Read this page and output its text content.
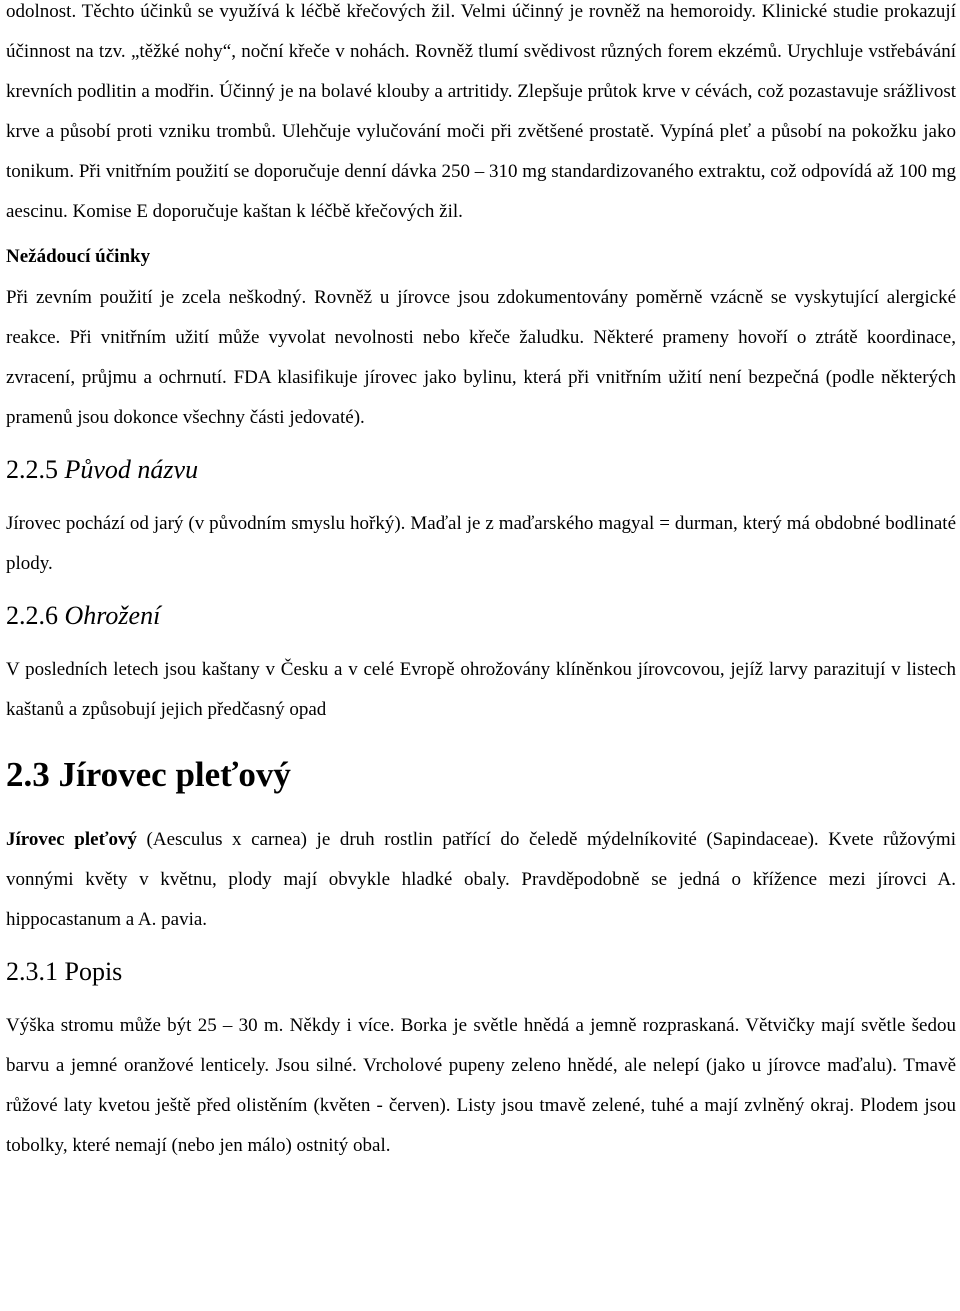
odolnost. Těchto účinků se využívá k léčbě křečových žil. Velmi účinný je rovněž na hemoroidy. Klinické studie prokazují účinnost na tzv. „těžké nohy“, noční křeče v nohách. Rovněž tlumí svědivost různých forem ekzémů. Urychluje vstřebávání krevních podlitin a modřin. Účinný je na bolavé klouby a artritidy. Zlepšuje průtok krve v cévách, což pozastavuje srážlivost krve a působí proti vzniku trombů. Ulehčuje vylučování moči při zvětšené prostatě. Vypíná pleť a působí na pokožku jako tonikum. Při vnitřním použití se doporučuje denní dávka 250 – 310 mg standardizovaného extraktu, což odpovídá až 100 mg aescinu. Komise E doporučuje kaštan k léčbě křečových žil.

Nežádoucí účinky

Při zevním použití je zcela neškodný. Rovněž u jírovce jsou zdokumentovány poměrně vzácně se vyskytující alergické reakce. Při vnitřním užití může vyvolat nevolnosti nebo křeče žaludku. Některé prameny hovoří o ztrátě koordinace, zvracení, průjmu a ochrnutí. FDA klasifikuje jírovec jako bylinu, která při vnitřním užití není bezpečná (podle některých pramenů jsou dokonce všechny části jedovaté).

2.2.5 Původ názvu

Jírovec pochází od jarý (v původním smyslu hořký). Maďal je z maďarského magyal = durman, který má obdobné bodlinaté plody.

2.2.6 Ohrožení

V posledních letech jsou kaštany v Česku a v celé Evropě ohrožovány klíněnkou jírovcovou, jejíž larvy parazitují v listech kaštanů a způsobují jejich předčasný opad

2.3 Jírovec pleťový

Jírovec pleťový (Aesculus x carnea) je druh rostlin patřící do čeledě mýdelníkovité (Sapindaceae). Kvete růžovými vonnými květy v květnu, plody mají obvykle hladké obaly. Pravděpodobně se jedná o křížence mezi jírovci A. hippocastanum a A. pavia.

2.3.1 Popis

Výška stromu může být 25 – 30 m. Někdy i více. Borka je světle hnědá a jemně rozpraskaná. Větvičky mají světle šedou barvu a jemné oranžové lenticely. Jsou silné. Vrcholové pupeny zeleno hnědé, ale nelepí (jako u jírovce maďalu). Tmavě růžové laty kvetou ještě před olistěním (květen - červen). Listy jsou tmavě zelené, tuhé a mají zvlněný okraj. Plodem jsou tobolky, které nemají (nebo jen málo) ostnitý obal.
